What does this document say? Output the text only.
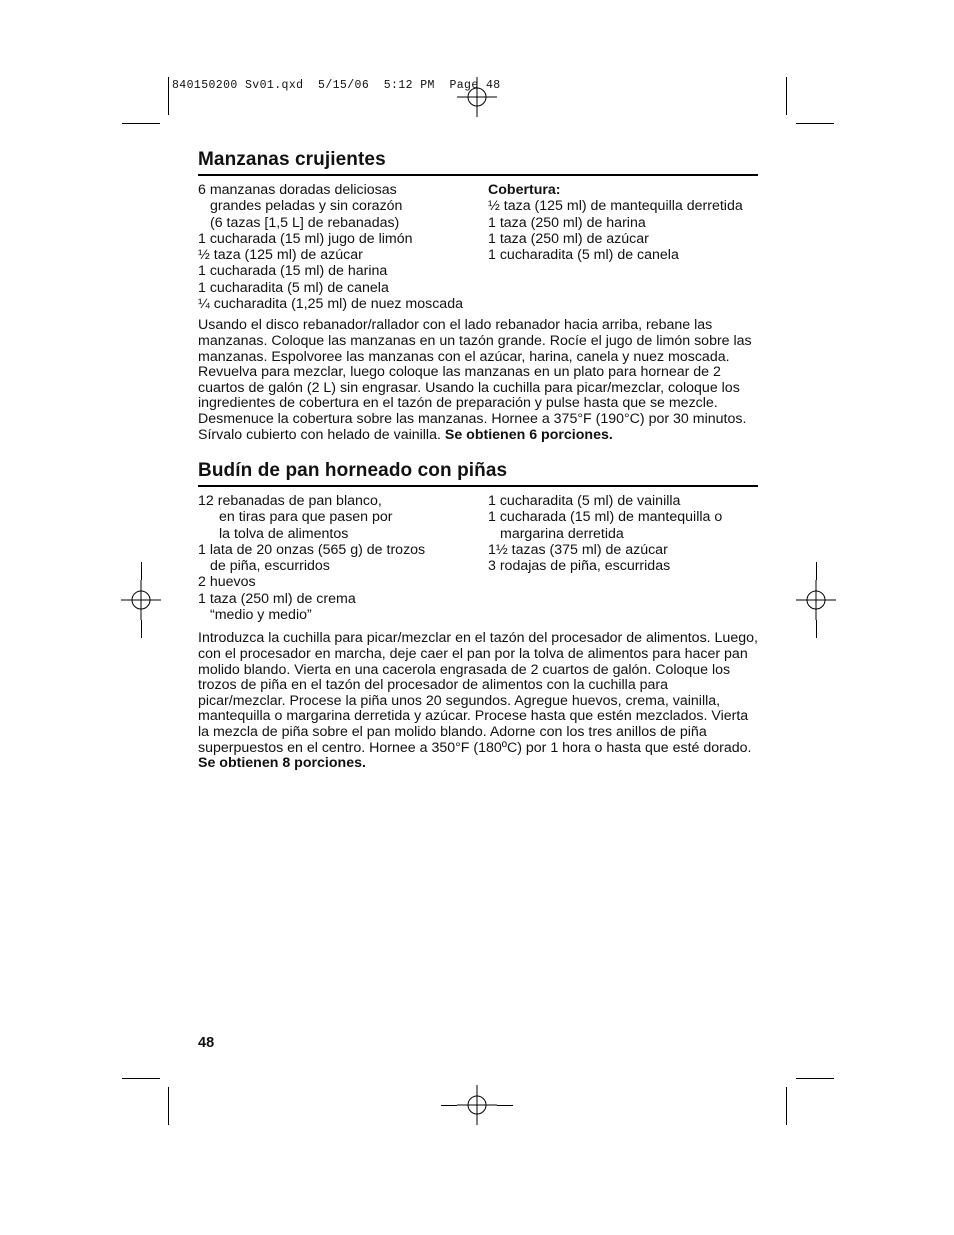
840150200 Sv01.qxd  5/15/06  5:12 PM  Page 48
Manzanas crujientes
6 manzanas doradas deliciosas
grandes peladas y sin corazón
(6 tazas [1,5 L] de rebanadas)
1 cucharada (15 ml) jugo de limón
½ taza (125 ml) de azúcar
1 cucharada (15 ml) de harina
1 cucharadita (5 ml) de canela
¼ cucharadita (1,25 ml) de nuez moscada
Cobertura:
½ taza (125 ml) de mantequilla derretida
1 taza (250 ml) de harina
1 taza (250 ml) de azúcar
1 cucharadita (5 ml) de canela

Usando el disco rebanador/rallador con el lado rebanador hacia arriba, rebane las manzanas. Coloque las manzanas en un tazón grande. Rocíe el jugo de limón sobre las manzanas. Espolvoree las manzanas con el azúcar, harina, canela y nuez moscada. Revuelva para mezclar, luego coloque las manzanas en un plato para hornear de 2 cuartos de galón (2 L) sin engrasar. Usando la cuchilla para picar/mezclar, coloque los ingredientes de cobertura en el tazón de preparación y pulse hasta que se mezcle. Desmenuce la cobertura sobre las manzanas. Hornee a 375°F (190°C) por 30 minutos. Sírvalo cubierto con helado de vainilla. Se obtienen 6 porciones.

Budín de pan horneado con piñas
12 rebanadas de pan blanco,
en tiras para que pasen por
la tolva de alimentos
1 lata de 20 onzas (565 g) de trozos
de piña, escurridos
2 huevos
1 taza (250 ml) de crema
“medio y medio”
1 cucharadita (5 ml) de vainilla
1 cucharada (15 ml) de mantequilla o
margarina derretida
1½ tazas (375 ml) de azúcar
3 rodajas de piña, escurridas

Introduzca la cuchilla para picar/mezclar en el tazón del procesador de alimentos. Luego, con el procesador en marcha, deje caer el pan por la tolva de alimentos para hacer pan molido blando. Vierta en una cacerola engrasada de 2 cuartos de galón. Coloque los trozos de piña en el tazón del procesador de alimentos con la cuchilla para picar/mezclar. Procese la piña unos 20 segundos. Agregue huevos, crema, vainilla, mantequilla o margarina derretida y azúcar. Procese hasta que estén mezclados. Vierta la mezcla de piña sobre el pan molido blando. Adorne con los tres anillos de piña superpuestos en el centro. Hornee a 350°F (180ºC) por 1 hora o hasta que esté dorado. Se obtienen 8 porciones.

48
